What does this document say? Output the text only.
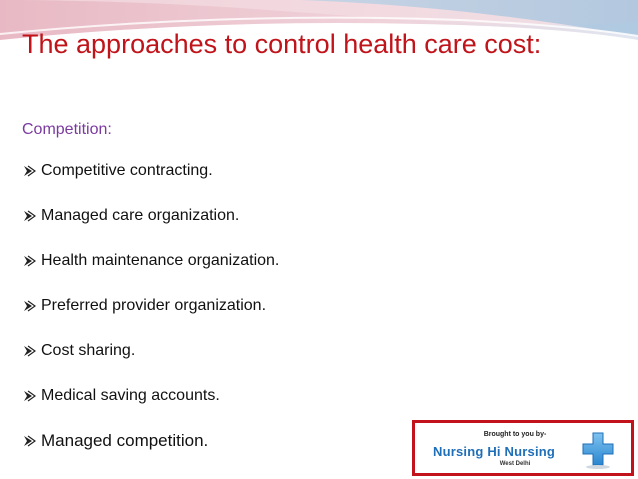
The approaches to control health care cost:
Competition:
Competitive contracting.
Managed care organization.
Health maintenance organization.
Preferred provider organization.
Cost sharing.
Medical saving accounts.
Managed competition.	Brought to you by-
Nursing Hi Nursing
West Delhi
